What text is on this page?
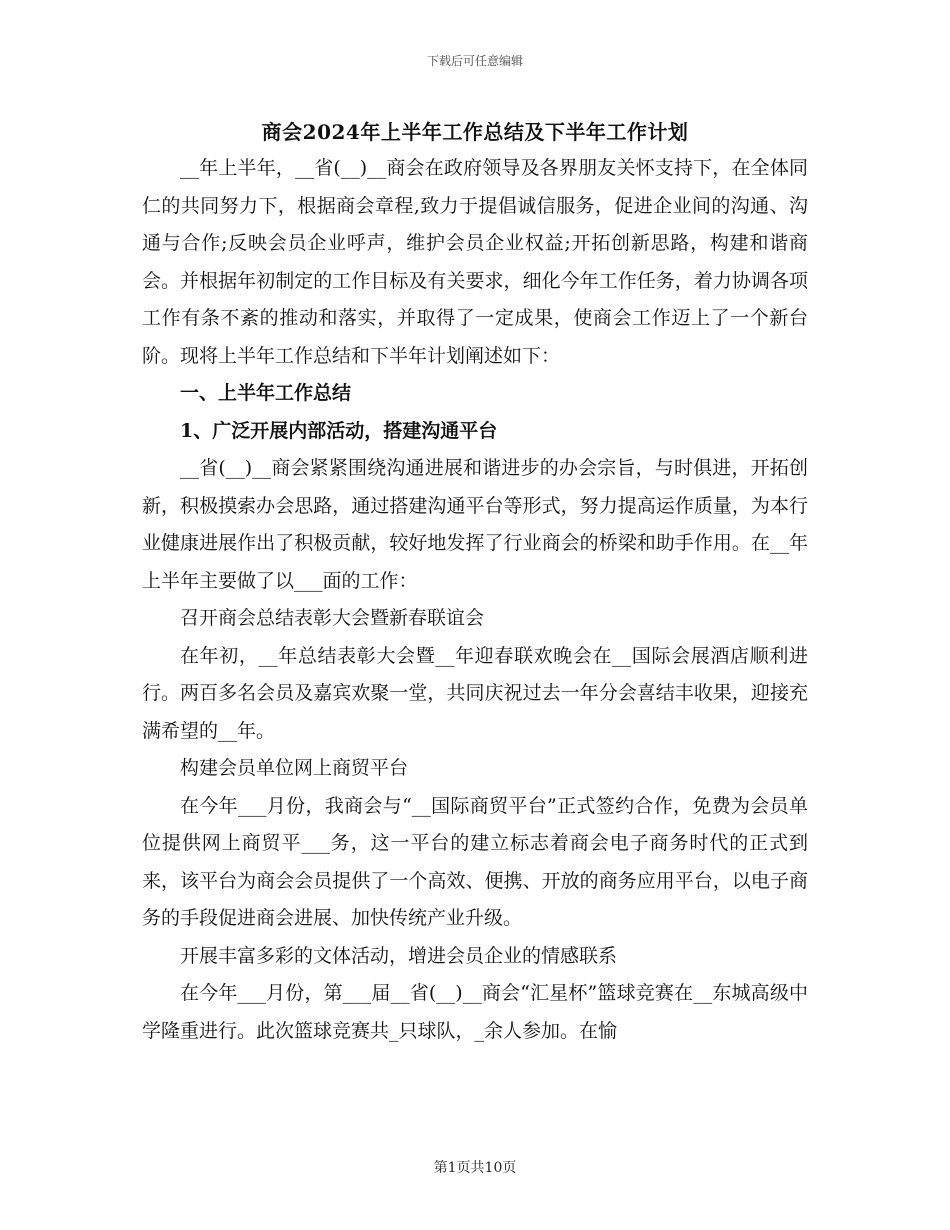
下载后可任意编辑
商会2024年上半年工作总结及下半年工作计划

__年上半年，__省(__)__商会在政府领导及各界朋友关怀支持下，在全体同仁的共同努力下，根据商会章程,致力于提倡诚信服务，促进企业间的沟通、沟通与合作;反映会员企业呼声，维护会员企业权益;开拓创新思路，构建和谐商会。并根据年初制定的工作目标及有关要求，细化今年工作任务，着力协调各项工作有条不紊的推动和落实，并取得了一定成果，使商会工作迈上了一个新台阶。现将上半年工作总结和下半年计划阐述如下：

一、上半年工作总结

1、广泛开展内部活动，搭建沟通平台

__省(__)__商会紧紧围绕沟通进展和谐进步的办会宗旨，与时俱进，开拓创新，积极摸索办会思路，通过搭建沟通平台等形式，努力提高运作质量，为本行业健康进展作出了积极贡献，较好地发挥了行业商会的桥梁和助手作用。在__年上半年主要做了以___面的工作：

召开商会总结表彰大会暨新春联谊会

在年初，__年总结表彰大会暨__年迎春联欢晚会在__国际会展酒店顺利进行。两百多名会员及嘉宾欢聚一堂，共同庆祝过去一年分会喜结丰收果，迎接充满希望的__年。

构建会员单位网上商贸平台

在今年___月份，我商会与“__国际商贸平台”正式签约合作，免费为会员单位提供网上商贸平___务，这一平台的建立标志着商会电子商务时代的正式到来，该平台为商会会员提供了一个高效、便携、开放的商务应用平台，以电子商务的手段促进商会进展、加快传统产业升级。

开展丰富多彩的文体活动，增进会员企业的情感联系

在今年___月份，第___届__省(__)__商会“汇星杯”篮球竞赛在__东城高级中学隆重进行。此次篮球竞赛共_只球队，_余人参加。在愉

第1页共10页
